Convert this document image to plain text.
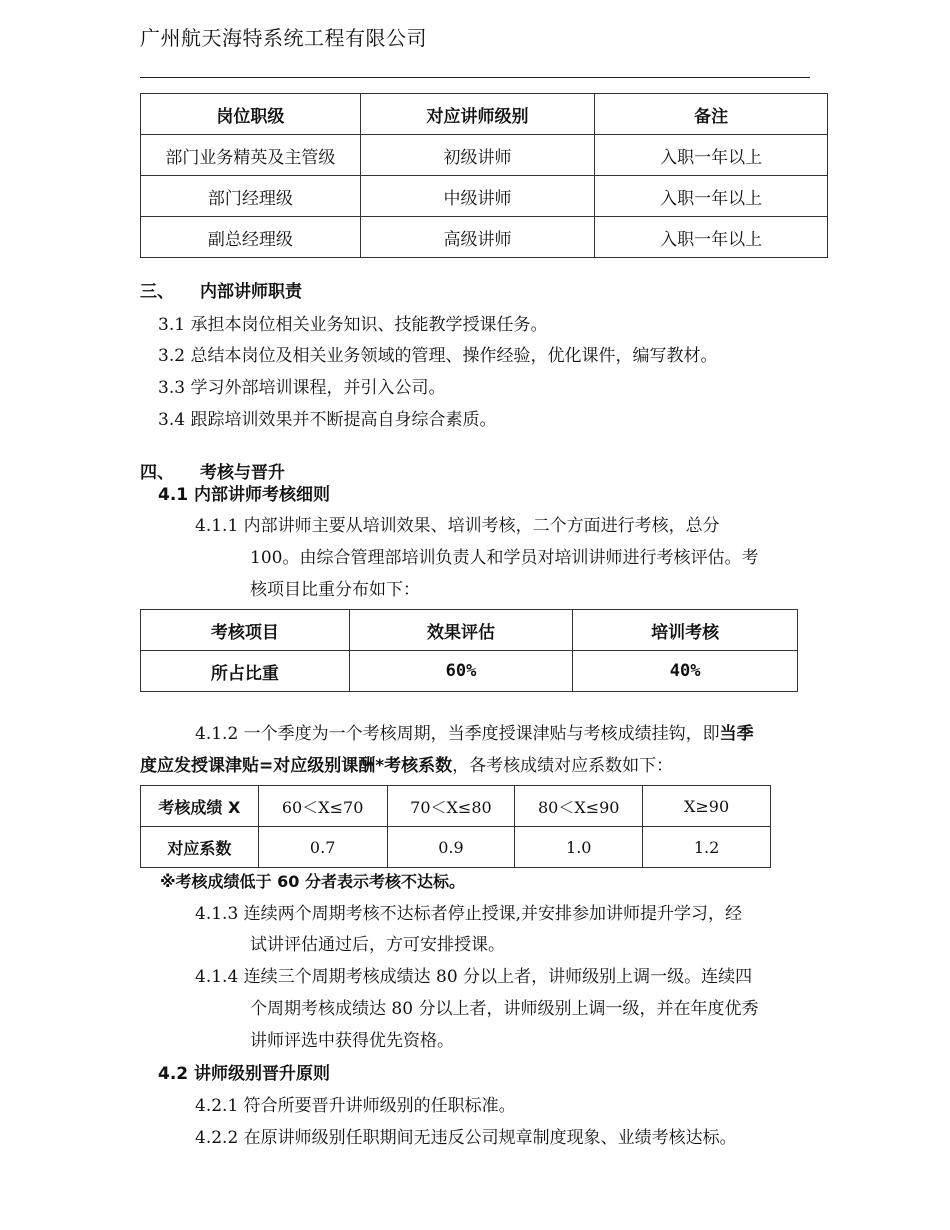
广州航天海特系统工程有限公司
岗位职级	对应讲师级别	备注
部门业务精英及主管级	初级讲师	入职一年以上
部门经理级	中级讲师	入职一年以上
副总经理级	高级讲师	入职一年以上
三、 内部讲师职责
3.1 承担本岗位相关业务知识、技能教学授课任务。
3.2 总结本岗位及相关业务领域的管理、操作经验，优化课件，编写教材。
3.3 学习外部培训课程，并引入公司。
3.4 跟踪培训效果并不断提高自身综合素质。
四、 考核与晋升
4.1 内部讲师考核细则
4.1.1 内部讲师主要从培训效果、培训考核，二个方面进行考核，总分
100。由综合管理部培训负责人和学员对培训讲师进行考核评估。考
核项目比重分布如下：
考核项目	效果评估	培训考核
所占比重	60%	40%
4.1.2 一个季度为一个考核周期，当季度授课津贴与考核成绩挂钩，即当季
度应发授课津贴=对应级别课酬*考核系数，各考核成绩对应系数如下：
考核成绩 X	60＜X≤70	70＜X≤80	80＜X≤90	X≥90
对应系数	0.7	0.9	1.0	1.2
※考核成绩低于 60 分者表示考核不达标。
4.1.3 连续两个周期考核不达标者停止授课,并安排参加讲师提升学习，经
试讲评估通过后，方可安排授课。
4.1.4 连续三个周期考核成绩达 80 分以上者，讲师级别上调一级。连续四
个周期考核成绩达 80 分以上者，讲师级别上调一级，并在年度优秀
讲师评选中获得优先资格。
4.2 讲师级别晋升原则
4.2.1 符合所要晋升讲师级别的任职标准。
4.2.2 在原讲师级别任职期间无违反公司规章制度现象、业绩考核达标。
